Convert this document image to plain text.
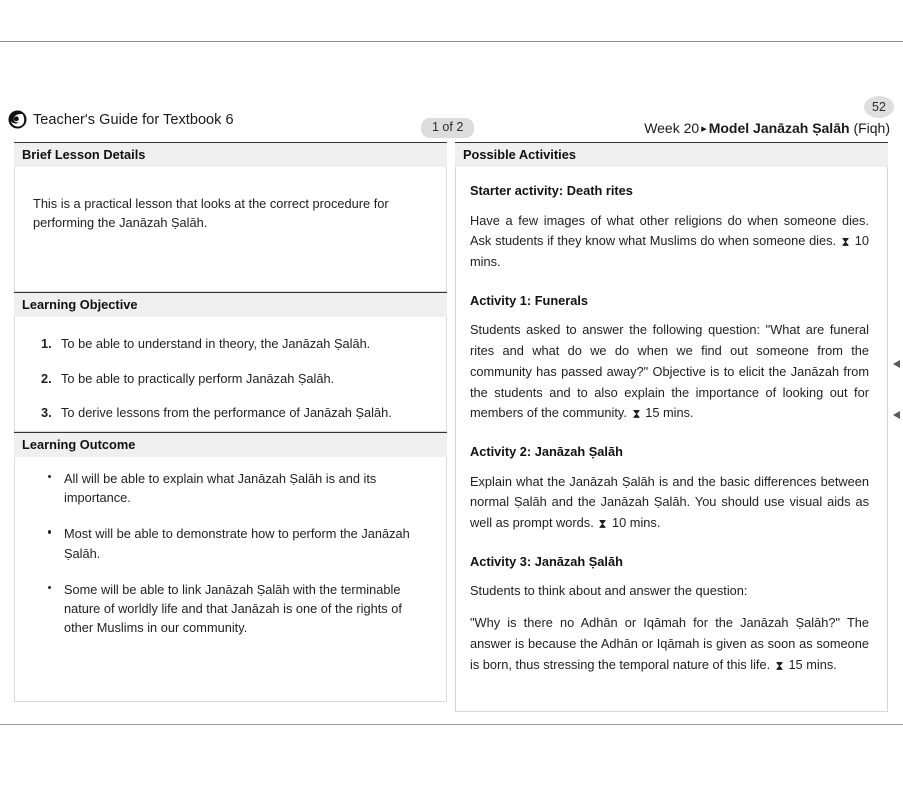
Teacher's Guide for Textbook 6	1 of 2
52
Week 20 ▸ Model Janāzah Ṣalāh (Fiqh)
Brief Lesson Details
This is a practical lesson that looks at the correct procedure for performing the Janāzah Ṣalāh.
Learning Objective
1. To be able to understand in theory, the Janāzah Ṣalāh.
2. To be able to practically perform Janāzah Ṣalāh.
3. To derive lessons from the performance of Janāzah Ṣalāh.
Learning Outcome
All will be able to explain what Janāzah Ṣalāh is and its importance.
Most will be able to demonstrate how to perform the Janāzah Ṣalāh.
Some will be able to link Janāzah Ṣalāh with the terminable nature of worldly life and that Janāzah is one of the rights of other Muslims in our community.
Possible Activities

Starter activity: Death rites

Have a few images of what other religions do when someone dies. Ask students if they know what Muslims do when someone dies. ⧗ 10 mins.

Activity 1: Funerals

Students asked to answer the following question: "What are funeral rites and what do we do when we find out someone from the community has passed away?" Objective is to elicit the Janāzah from the students and to also explain the importance of looking out for members of the community. ⧗ 15 mins.

Activity 2: Janāzah Ṣalāh

Explain what the Janāzah Ṣalāh is and the basic differences between normal Ṣalāh and the Janāzah Ṣalāh. You should use visual aids as well as prompt words. ⧗ 10 mins.

Activity 3: Janāzah Ṣalāh

Students to think about and answer the question:

"Why is there no Adhān or Iqāmah for the Janāzah Ṣalāh?" The answer is because the Adhān or Iqāmah is given as soon as someone is born, thus stressing the temporal nature of this life. ⧗ 15 mins.
